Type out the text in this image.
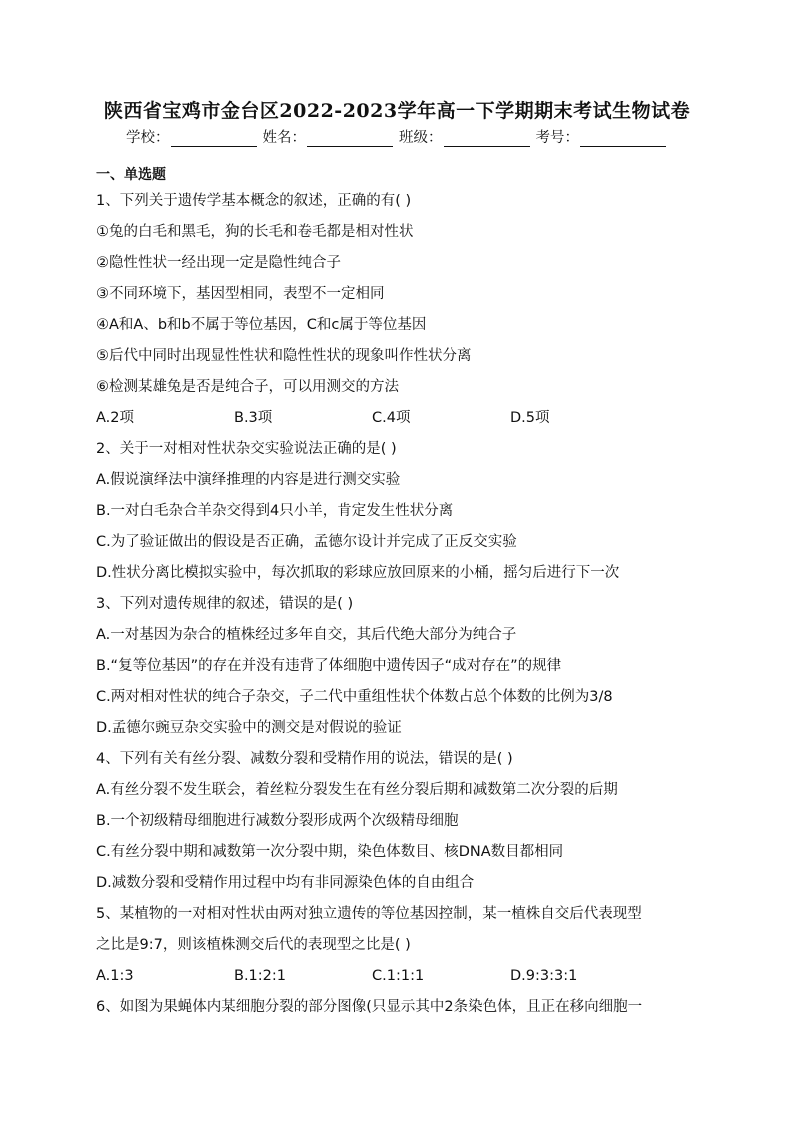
陕西省宝鸡市金台区2022-2023学年高一下学期期末考试生物试卷
学校：	姓名：	班级：	考号：
一、单选题
1、下列关于遗传学基本概念的叙述，正确的有( )
①兔的白毛和黑毛，狗的长毛和卷毛都是相对性状
②隐性性状一经出现一定是隐性纯合子
③不同环境下，基因型相同，表型不一定相同
④A和A、b和b不属于等位基因，C和c属于等位基因
⑤后代中同时出现显性性状和隐性性状的现象叫作性状分离
⑥检测某雄兔是否是纯合子，可以用测交的方法
A.2项	B.3项	C.4项	D.5项
2、关于一对相对性状杂交实验说法正确的是( )
A.假说演绎法中演绎推理的内容是进行测交实验
B.一对白毛杂合羊杂交得到4只小羊，肯定发生性状分离
C.为了验证做出的假设是否正确，孟德尔设计并完成了正反交实验
D.性状分离比模拟实验中，每次抓取的彩球应放回原来的小桶，摇匀后进行下一次
3、下列对遗传规律的叙述，错误的是( )
A.一对基因为杂合的植株经过多年自交，其后代绝大部分为纯合子
B.“复等位基因”的存在并没有违背了体细胞中遗传因子“成对存在”的规律
C.两对相对性状的纯合子杂交，子二代中重组性状个体数占总个体数的比例为3/8
D.孟德尔豌豆杂交实验中的测交是对假说的验证
4、下列有关有丝分裂、减数分裂和受精作用的说法，错误的是( )
A.有丝分裂不发生联会，着丝粒分裂发生在有丝分裂后期和减数第二次分裂的后期
B.一个初级精母细胞进行减数分裂形成两个次级精母细胞
C.有丝分裂中期和减数第一次分裂中期，染色体数目、核DNA数目都相同
D.减数分裂和受精作用过程中均有非同源染色体的自由组合
5、某植物的一对相对性状由两对独立遗传的等位基因控制，某一植株自交后代表现型
之比是9:7，则该植株测交后代的表现型之比是( )
A.1:3	B.1:2:1	C.1:1:1	D.9:3:3:1
6、如图为果蝇体内某细胞分裂的部分图像(只显示其中2条染色体，且正在移向细胞一
